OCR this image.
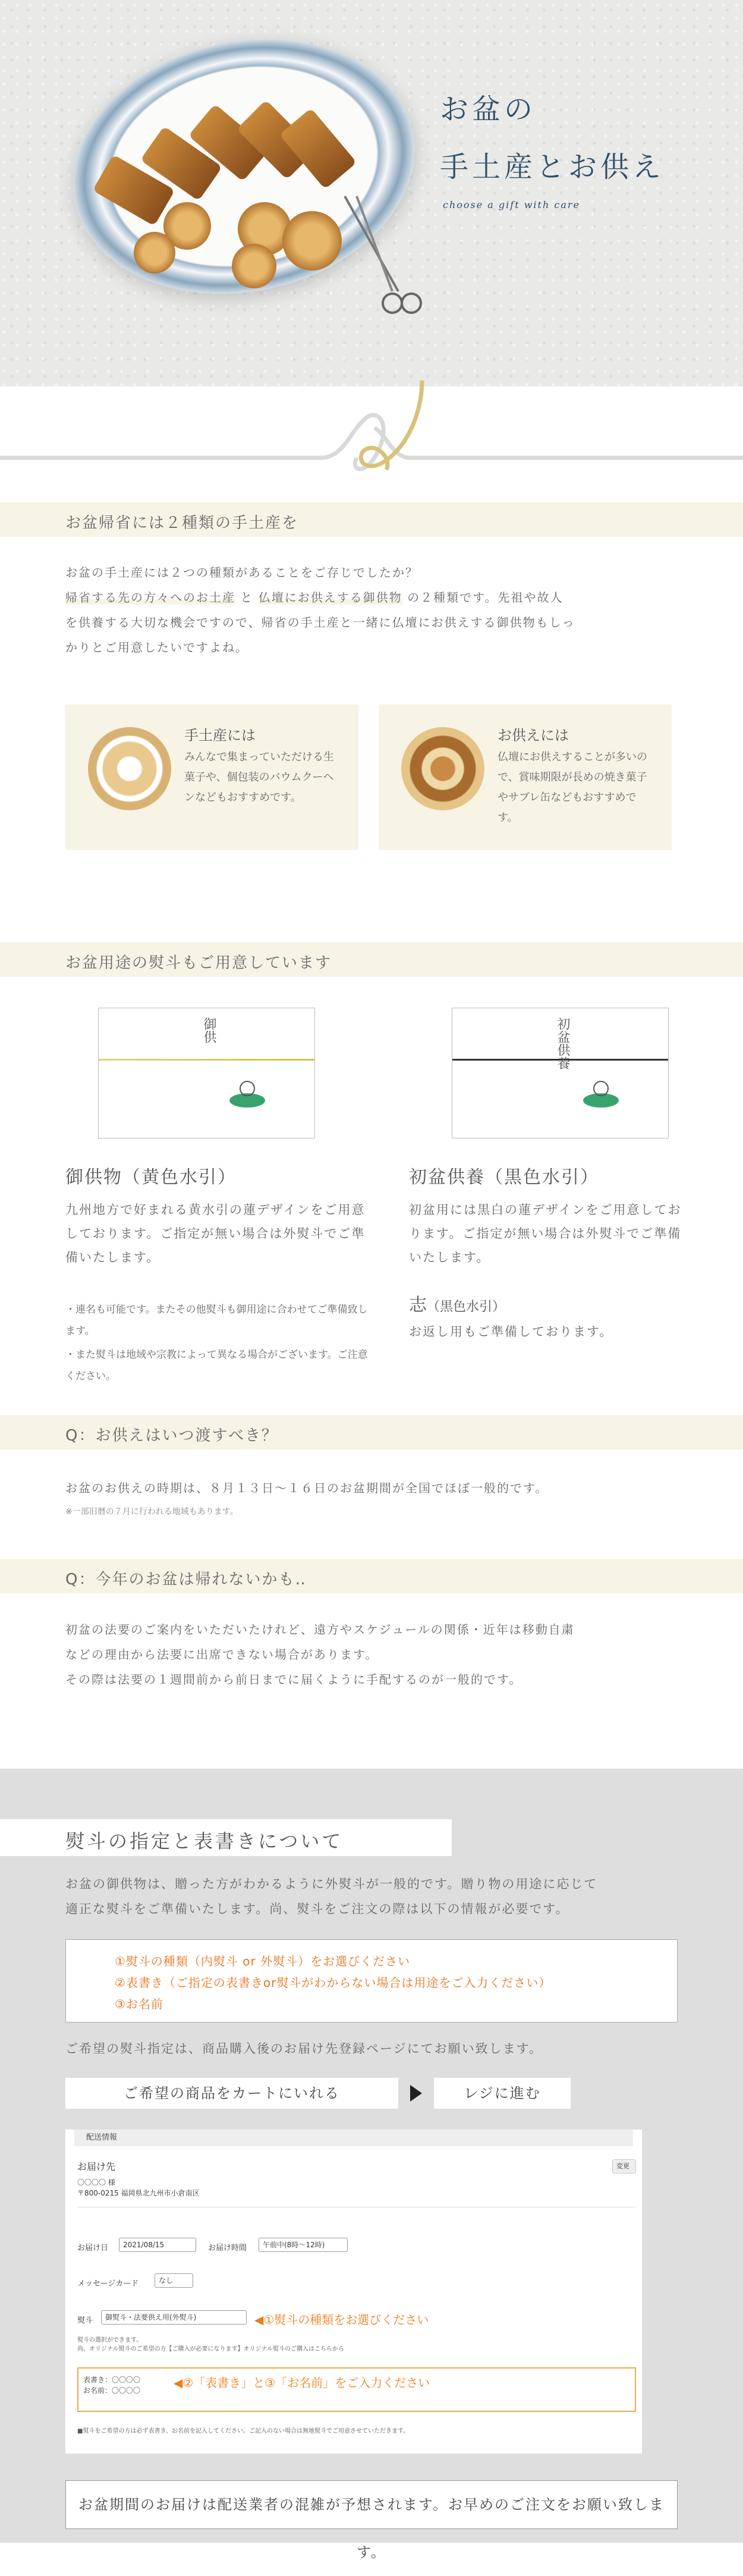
お盆の
手土産とお供え
choose a gift with care
お盆帰省には２種類の手土産を
お盆の手土産には２つの種類があることをご存じでしたか？
帰省する先の方々へのお土産 と 仏壇にお供えする御供物 の２種類です。先祖や故人
を供養する大切な機会ですので、帰省の手土産と一緒に仏壇にお供えする御供物もしっ
かりとご用意したいですよね。
手土産には

みんなで集まっていただける生菓子や、個包装のバウムクーヘンなどもおすすめです。

お供えには

仏壇にお供えすることが多いので、賞味期限が長めの焼き菓子やサブレ缶などもおすすめです。

お盆用途の熨斗もご用意しています
御供	初盆供養
御供物（黄色水引）	初盆供養（黒色水引）
九州地方で好まれる黄水引の蓮デザインをご用意しております。ご指定が無い場合は外熨斗でご準備いたします。
初盆用には黒白の蓮デザインをご用意しております。ご指定が無い場合は外熨斗でご準備いたします。
志（黒色水引）
お返し用もご準備しております。
・連名も可能です。またその他熨斗も御用途に合わせてご準備致します。
・また熨斗は地域や宗教によって異なる場合がございます。ご注意ください。
Q：お供えはいつ渡すべき？
お盆のお供えの時期は、８月１３日〜１６日のお盆期間が全国でほぼ一般的です。
※一部旧暦の７月に行われる地域もあります。
Q：今年のお盆は帰れないかも‥
初盆の法要のご案内をいただいたけれど、遠方やスケジュールの関係・近年は移動自粛
などの理由から法要に出席できない場合があります。
その際は法要の１週間前から前日までに届くように手配するのが一般的です。
熨斗の指定と表書きについて
お盆の御供物は、贈った方がわかるように外熨斗が一般的です。贈り物の用途に応じて
適正な熨斗をご準備いたします。尚、熨斗をご注文の際は以下の情報が必要です。
①熨斗の種類（内熨斗 or 外熨斗）をお選びください
②表書き（ご指定の表書きor熨斗がわからない場合は用途をご入力ください）
③お名前
ご希望の熨斗指定は、商品購入後のお届け先登録ページにてお願い致します。
ご希望の商品をカートにいれる	レジに進む
配送情報
お届け先	変更
〇〇〇〇 様
〒800-0215 福岡県北九州市小倉南区
お届け日	2021/08/15	お届け時間	午前中(8時〜12時)
メッセージカード	なし
熨斗	御熨斗・法要供え用(外熨斗)	◀︎①熨斗の種類をお選びください
熨斗の選択ができます。
尚、オリジナル熨斗のご希望の方【ご購入が必要になります】オリジナル熨斗のご購入はこちらから
表書き：〇〇〇〇
お名前：〇〇〇〇
◀︎②「表書き」と③「お名前」をご入力ください
■熨斗をご希望の方は必ず表書き、お名前を記入してください。ご記入のない場合は無地熨斗でご用意させていただきます。
お盆期間のお届けは配送業者の混雑が予想されます。お早めのご注文をお願い致します。
